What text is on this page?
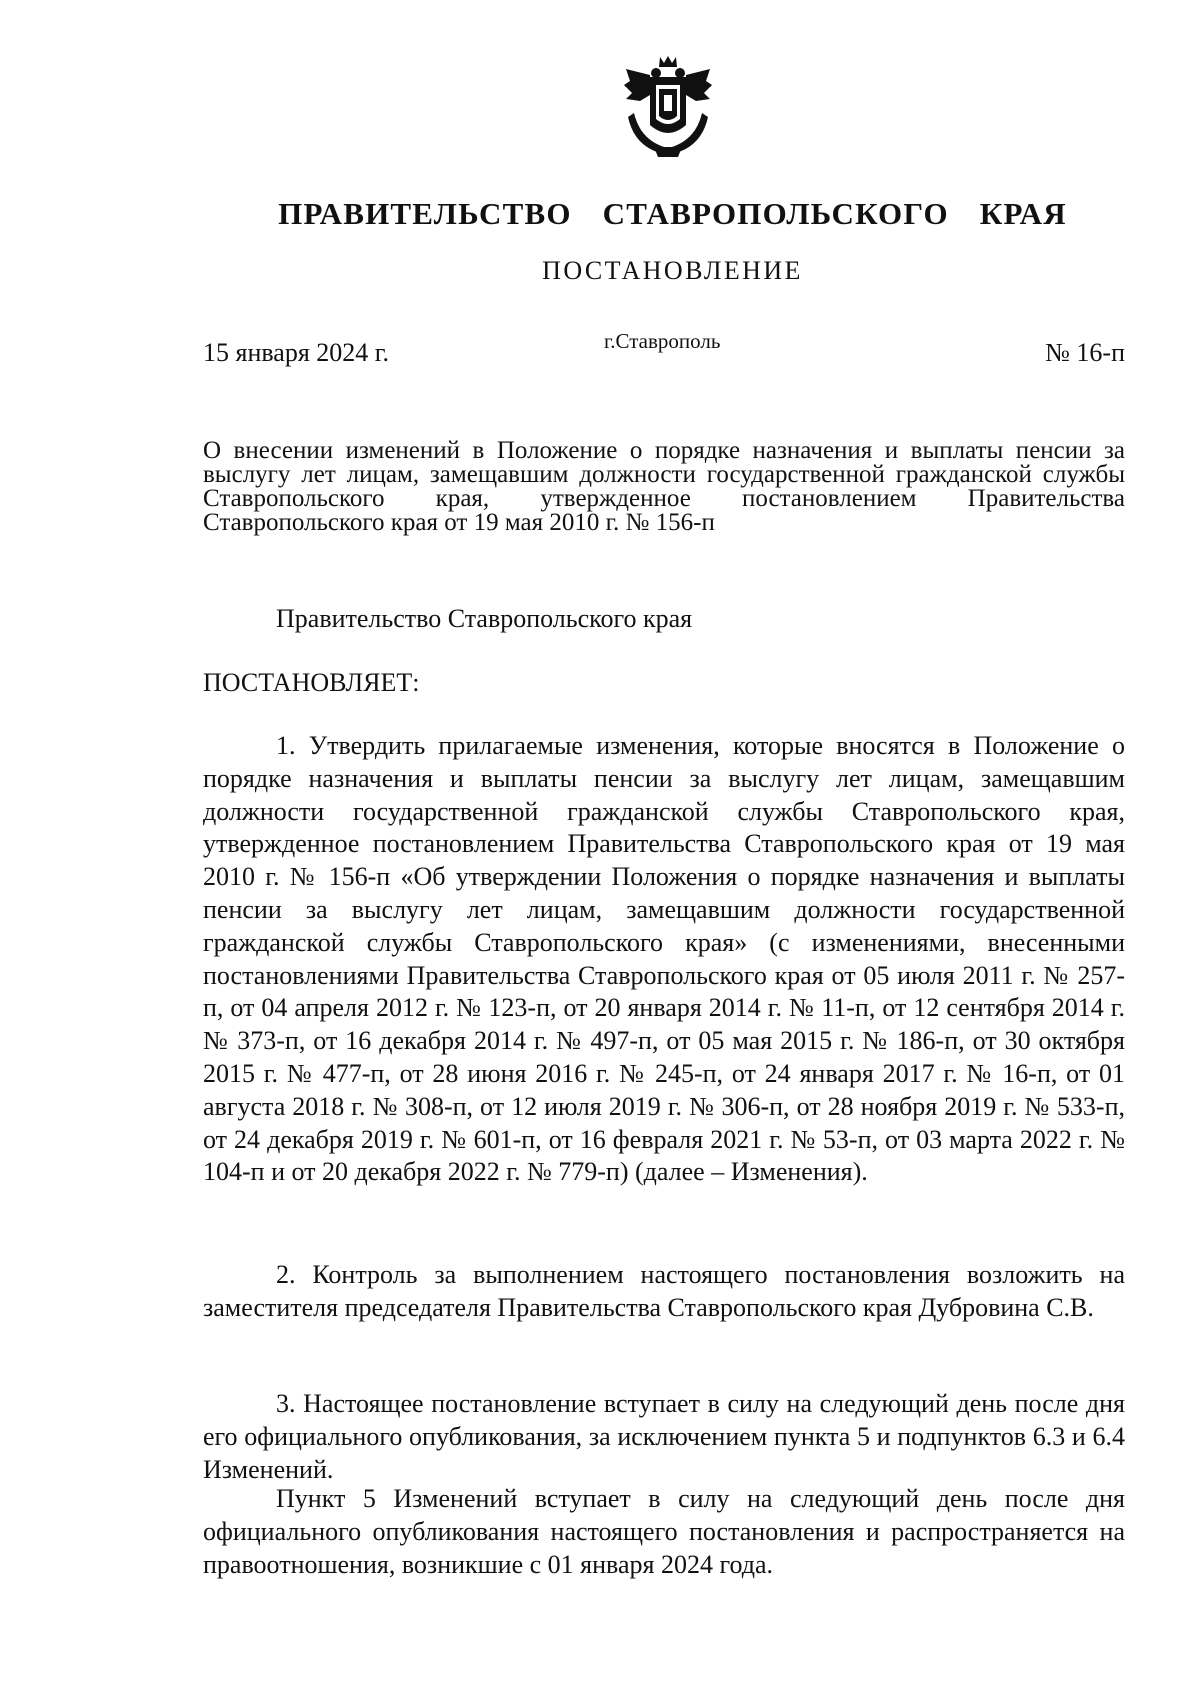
ПРАВИТЕЛЬСТВО СТАВРОПОЛЬСКОГО КРАЯ
ПОСТАНОВЛЕНИЕ
15 января 2024 г.	г.Ставрополь	№ 16-п
О внесении изменений в Положение о порядке назначения и выплаты пенсии за выслугу лет лицам, замещавшим должности государственной гражданской службы Ставропольского края, утвержденное постановлением Правительства Ставропольского края от 19 мая 2010 г. № 156-п
Правительство Ставропольского края
ПОСТАНОВЛЯЕТ:
1. Утвердить прилагаемые изменения, которые вносятся в Положение о порядке назначения и выплаты пенсии за выслугу лет лицам, замещавшим должности государственной гражданской службы Ставропольского края, утвержденное постановлением Правительства Ставропольского края от 19 мая 2010 г. № 156-п «Об утверждении Положения о порядке назначения и выплаты пенсии за выслугу лет лицам, замещавшим должности государственной гражданской службы Ставропольского края» (с изменениями, внесенными постановлениями Правительства Ставропольского края от 05 июля 2011 г. № 257-п, от 04 апреля 2012 г. № 123-п, от 20 января 2014 г. № 11-п, от 12 сентября 2014 г. № 373-п, от 16 декабря 2014 г. № 497-п, от 05 мая 2015 г. № 186-п, от 30 октября 2015 г. № 477-п, от 28 июня 2016 г. № 245-п, от 24 января 2017 г. № 16-п, от 01 августа 2018 г. № 308-п, от 12 июля 2019 г. № 306-п, от 28 ноября 2019 г. № 533-п, от 24 декабря 2019 г. № 601-п, от 16 февраля 2021 г. № 53-п, от 03 марта 2022 г. № 104-п и от 20 декабря 2022 г. № 779-п) (далее – Изменения).
2. Контроль за выполнением настоящего постановления возложить на заместителя председателя Правительства Ставропольского края Дубровина С.В.
3. Настоящее постановление вступает в силу на следующий день после дня его официального опубликования, за исключением пункта 5 и подпунктов 6.3 и 6.4 Изменений.
Пункт 5 Изменений вступает в силу на следующий день после дня официального опубликования настоящего постановления и распространяется на правоотношения, возникшие с 01 января 2024 года.
